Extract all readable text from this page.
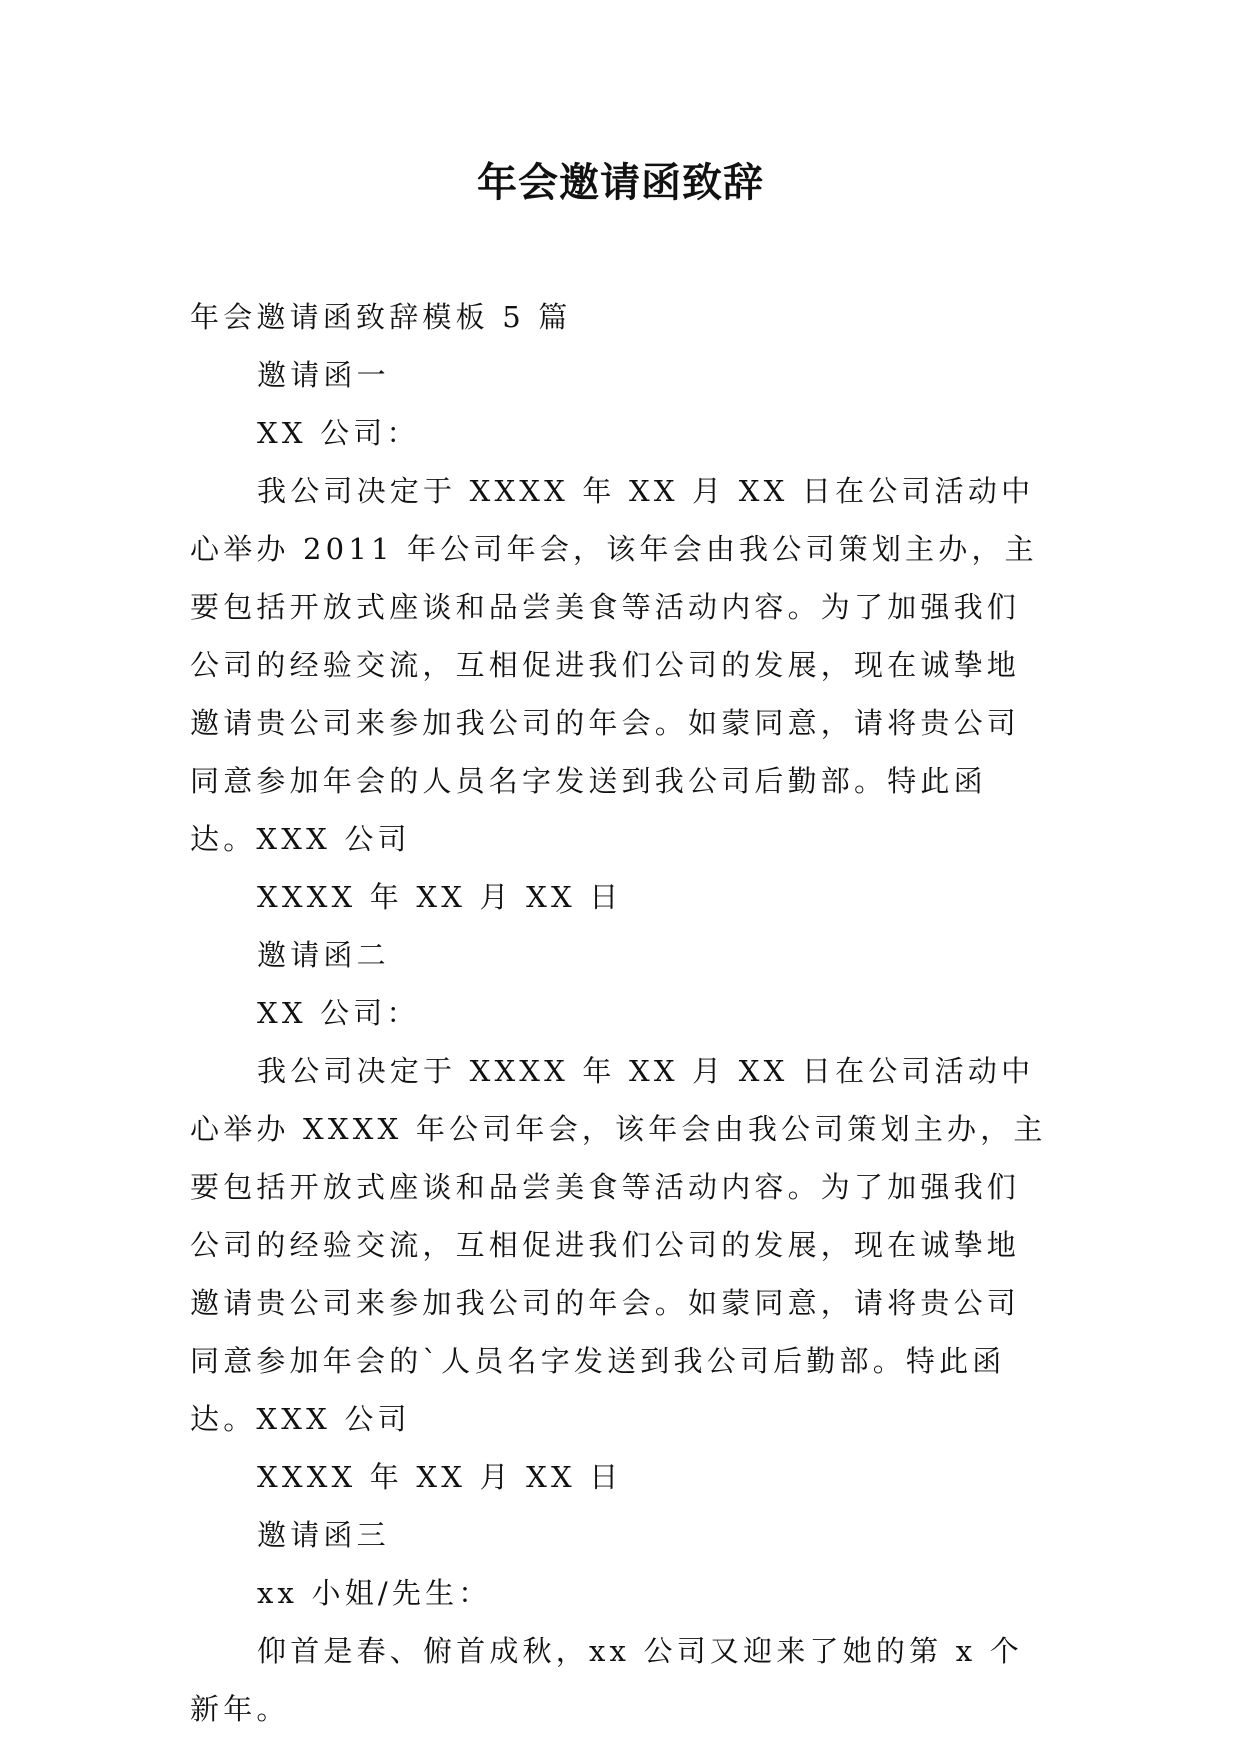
年会邀请函致辞

年会邀请函致辞模板 5 篇

邀请函一

XX 公司：

我公司决定于 XXXX 年 XX 月 XX 日在公司活动中心举办 2011 年公司年会，该年会由我公司策划主办，主要包括开放式座谈和品尝美食等活动内容。为了加强我们公司的经验交流，互相促进我们公司的发展，现在诚挚地邀请贵公司来参加我公司的年会。如蒙同意，请将贵公司同意参加年会的人员名字发送到我公司后勤部。特此函达。XXX 公司

XXXX 年 XX 月 XX 日

邀请函二

XX 公司：

我公司决定于 XXXX 年 XX 月 XX 日在公司活动中心举办 XXXX 年公司年会，该年会由我公司策划主办，主要包括开放式座谈和品尝美食等活动内容。为了加强我们公司的经验交流，互相促进我们公司的发展，现在诚挚地邀请贵公司来参加我公司的年会。如蒙同意，请将贵公司同意参加年会的`人员名字发送到我公司后勤部。特此函达。XXX 公司

XXXX 年 XX 月 XX 日

邀请函三

xx 小姐/先生：

仰首是春、俯首成秋，xx 公司又迎来了她的第 x 个新年。
